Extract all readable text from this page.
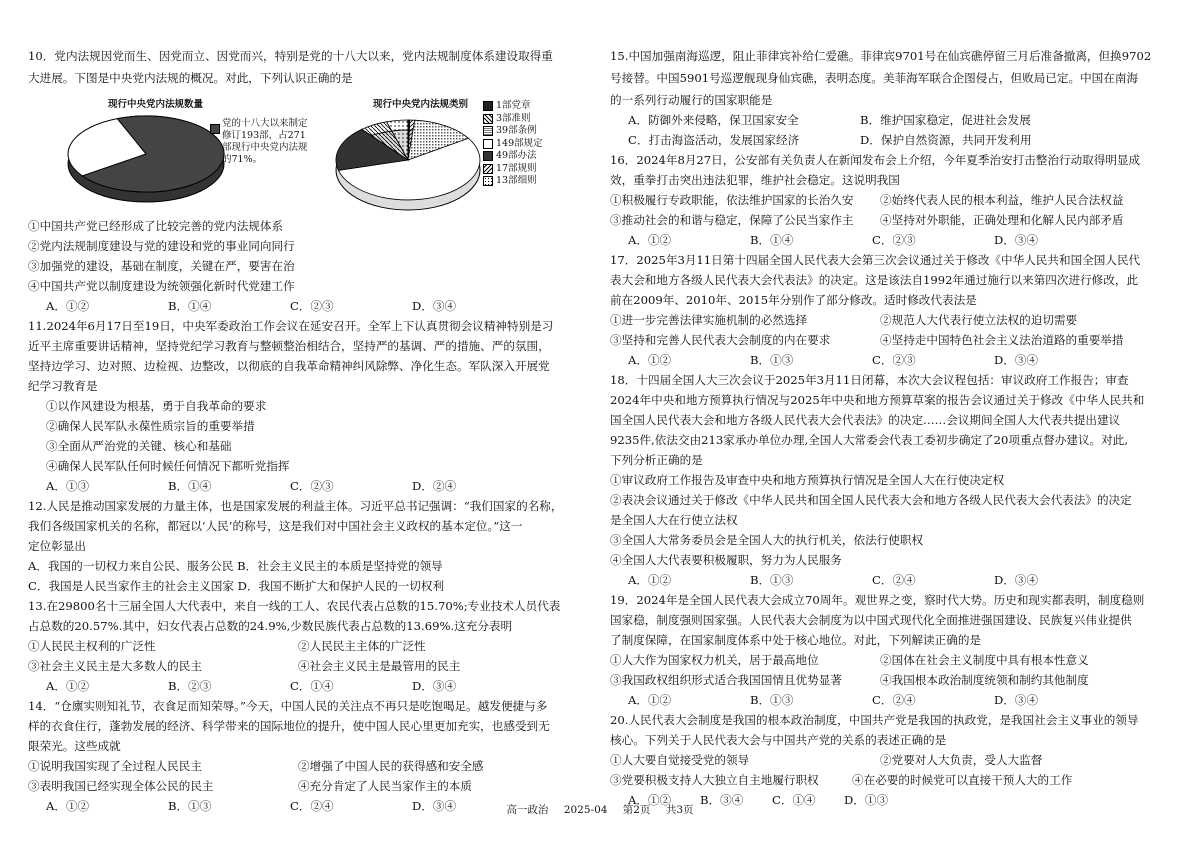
10．党内法规因党而生、因党而立、因党而兴，特别是党的十八大以来，党内法规制度体系建设取得重
大进展。下图是中央党内法规的概况。对此，下列认识正确的是
现行中央党内法规数量
党的十八大以来制定修订193部，占271部现行中央党内法规的71%。
现行中央党内法规类别	1部党章
3部准则
39部条例
149部规定
49部办法
17部规则
13部细则
①中国共产党已经形成了比较完善的党内法规体系
②党内法规制度建设与党的建设和党的事业同向同行
③加强党的建设，基础在制度，关键在严，要害在治
④中国共产党以制度建设为统领强化新时代党建工作
A．①②	B．①④	C．②③	D．③④
11.2024年6月17日至19日，中央军委政治工作会议在延安召开。全军上下认真贯彻会议精神特别是习
近平主席重要讲话精神，坚持党纪学习教育与整顿整治相结合，坚持严的基调、严的措施、严的氛围，
坚持边学习、边对照、边检视、边整改，以彻底的自我革命精神纠风除弊、净化生态。军队深入开展党
纪学习教育是
①以作风建设为根基，勇于自我革命的要求
②确保人民军队永葆性质宗旨的重要举措
③全面从严治党的关键、核心和基础
④确保人民军队任何时候任何情况下都听党指挥
A．①③	B．①④	C．②③	D．②④
12.人民是推动国家发展的力量主体，也是国家发展的利益主体。习近平总书记强调：“我们国家的名称，
我们各级国家机关的名称，都冠以‘人民’的称号，这是我们对中国社会主义政权的基本定位。”这一
定位彰显出
A．我国的一切权力来自公民、服务公民 B．社会主义民主的本质是坚持党的领导
C．我国是人民当家作主的社会主义国家 D．我国不断扩大和保护人民的一切权利
13.在29800名十三届全国人大代表中，来自一线的工人、农民代表占总数的15.70%;专业技术人员代表
占总数的20.57%.其中，妇女代表占总数的24.9%,少数民族代表占总数的13.69%.这充分表明
①人民民主权利的广泛性	②人民民主主体的广泛性
③社会主义民主是大多数人的民主	④社会主义民主是最管用的民主
A．①②	B．②③	C．①④	D．③④
14．“仓廪实则知礼节，衣食足而知荣辱。”今天，中国人民的关注点不再只是吃饱喝足。越发便捷与多
样的衣食住行，蓬勃发展的经济、科学带来的国际地位的提升，使中国人民心里更加充实，也感受到无
限荣光。这些成就
①说明我国实现了全过程人民民主	②增强了中国人民的获得感和安全感
③表明我国已经实现全体公民的民主	④充分肯定了人民当家作主的本质
A．①②	B．①③	C．②④	D．③④
15.中国加强南海巡逻，阻止菲律宾补给仁爱礁。菲律宾9701号在仙宾礁停留三月后准备撤离，但换9702
号接替。中国5901号巡逻舰现身仙宾礁，表明态度。美菲海军联合企图侵占，但败局已定。中国在南海
的一系列行动履行的国家职能是
A．防御外来侵略，保卫国家安全	B．维护国家稳定，促进社会发展
C．打击海盗活动，发展国家经济	D．保护自然资源，共同开发利用
16．2024年8月27日，公安部有关负责人在新闻发布会上介绍，今年夏季治安打击整治行动取得明显成
效，重拳打击突出违法犯罪，维护社会稳定。这说明我国
①积极履行专政职能，依法维护国家的长治久安	②始终代表人民的根本利益，维护人民合法权益
③推动社会的和谐与稳定，保障了公民当家作主	④坚持对外职能，正确处理和化解人民内部矛盾
A．①②	B．①④	C．②③	D．③④
17．2025年3月11日第十四届全国人民代表大会第三次会议通过关于修改《中华人民共和国全国人民代
表大会和地方各级人民代表大会代表法》的决定。这是该法自1992年通过施行以来第四次进行修改，此
前在2009年、2010年、2015年分别作了部分修改。适时修改代表法是
①进一步完善法律实施机制的必然选择	②规范人大代表行使立法权的迫切需要
③坚持和完善人民代表大会制度的内在要求	④坚持走中国特色社会主义法治道路的重要举措
A．①②	B．①③	C．②③	D．③④
18．十四届全国人大三次会议于2025年3月11日闭幕，本次大会议程包括：审议政府工作报告；审查
2024年中央和地方预算执行情况与2025年中央和地方预算草案的报告会议通过关于修改《中华人民共和
国全国人民代表大会和地方各级人民代表大会代表法》的决定……会议期间全国人大代表共提出建议
9235件,依法交由213家承办单位办理,全国人大常委会代表工委初步确定了20项重点督办建议。对此,
下列分析正确的是
①审议政府工作报告及审查中央和地方预算执行情况是全国人大在行使决定权
②表决会议通过关于修改《中华人民共和国全国人民代表大会和地方各级人民代表大会代表法》的决定
是全国人大在行使立法权
③全国人大常务委员会是全国人大的执行机关，依法行使职权
④全国人大代表要积极履职，努力为人民服务
A．①②	B．①③	C．②④	D．③④
19．2024年是全国人民代表大会成立70周年。观世界之变，察时代大势。历史和现实都表明，制度稳则
国家稳，制度强则国家强。人民代表大会制度为以中国式现代化全面推进强国建设、民族复兴伟业提供
了制度保障，在国家制度体系中处于核心地位。对此，下列解读正确的是
①人大作为国家权力机关，居于最高地位	②国体在社会主义制度中具有根本性意义
③我国政权组织形式适合我国国情且优势显著	④我国根本政治制度统领和制约其他制度
A．①②	B．①③	C．②④	D．③④
20.人民代表大会制度是我国的根本政治制度，中国共产党是我国的执政党，是我国社会主义事业的领导
核心。下列关于人民代表大会与中国共产党的关系的表述正确的是
①人大要自觉接受党的领导	②党要对人大负责，受人大监督
③党要积极支持人大独立自主地履行职权	④在必要的时候党可以直接干预人大的工作
A．①②	B．③④	C．①④	D．①③
高一政治 2025-04 第2页 共3页
